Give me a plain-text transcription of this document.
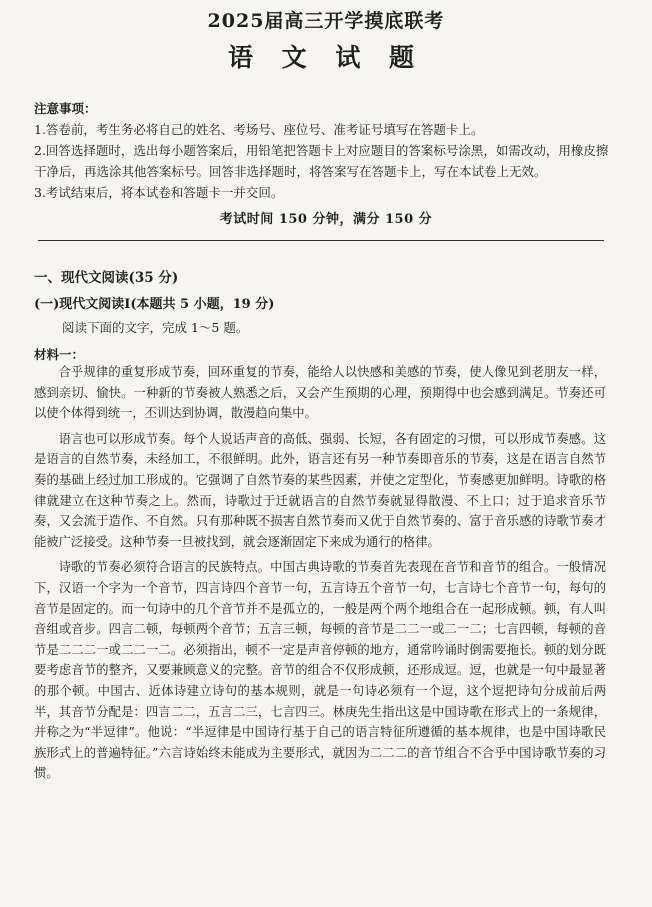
2025届高三开学摸底联考
语 文 试 题

注意事项：

1.答卷前，考生务必将自己的姓名、考场号、座位号、准考证号填写在答题卡上。

2.回答选择题时，选出每小题答案后，用铅笔把答题卡上对应题目的答案标号涂黑，如需改动，用橡皮擦干净后，再选涂其他答案标号。回答非选择题时，将答案写在答题卡上，写在本试卷上无效。

3.考试结束后，将本试卷和答题卡一并交回。

考试时间 150 分钟，满分 150 分
一、现代文阅读(35 分)
(一)现代文阅读Ⅰ(本题共 5 小题，19 分)
阅读下面的文字，完成 1～5 题。
材料一：

合乎规律的重复形成节奏，回环重复的节奏，能给人以快感和美感的节奏，使人像见到老朋友一样，感到亲切、愉快。一种新的节奏被人熟悉之后，又会产生预期的心理，预期得中也会感到满足。节奏还可以使个体得到统一，丕训达到协调，散漫趋向集中。

语言也可以形成节奏。每个人说话声音的高低、强弱、长短，各有固定的习惯，可以形成节奏感。这是语言的自然节奏，未经加工，不很鲜明。此外，语言还有另一种节奏即音乐的节奏，这是在语言自然节奏的基础上经过加工形成的。它强调了自然节奏的某些因素，并使之定型化，节奏感更加鲜明。诗歌的格律就建立在这种节奏之上。然而，诗歌过于迁就语言的自然节奏就显得散漫、不上口；过于追求音乐节奏，又会流于造作、不自然。只有那种既不损害自然节奏而又优于自然节奏的、富于音乐感的诗歌节奏才能被广泛接受。这种节奏一旦被找到，就会逐渐固定下来成为通行的格律。

诗歌的节奏必须符合语言的民族特点。中国古典诗歌的节奏首先表现在音节和音节的组合。一般情况下，汉语一个字为一个音节，四言诗四个音节一句，五言诗五个音节一句，七言诗七个音节一句，每句的音节是固定的。而一句诗中的几个音节并不是孤立的，一般是两个两个地组合在一起形成顿。顿，有人叫音组或音步。四言二顿，每顿两个音节；五言三顿，每顿的音节是二二一或二一二；七言四顿，每顿的音节是二二二一或二二一二。必须指出，顿不一定是声音停顿的地方，通常吟诵时倒需要拖长。顿的划分既要考虑音节的整齐，又要兼顾意义的完整。音节的组合不仅形成顿，还形成逗。逗，也就是一句中最显著的那个顿。中国古、近体诗建立诗句的基本规则，就是一句诗必须有一个逗，这个逗把诗句分成前后两半，其音节分配是：四言二二，五言二三，七言四三。林庚先生指出这是中国诗歌在形式上的一条规律，并称之为“半逗律”。他说：“半逗律是中国诗行基于自己的语言特征所遵循的基本规律，也是中国诗歌民族形式上的普遍特征。”六言诗始终未能成为主要形式，就因为二二二的音节组合不合乎中国诗歌节奏的习惯。
